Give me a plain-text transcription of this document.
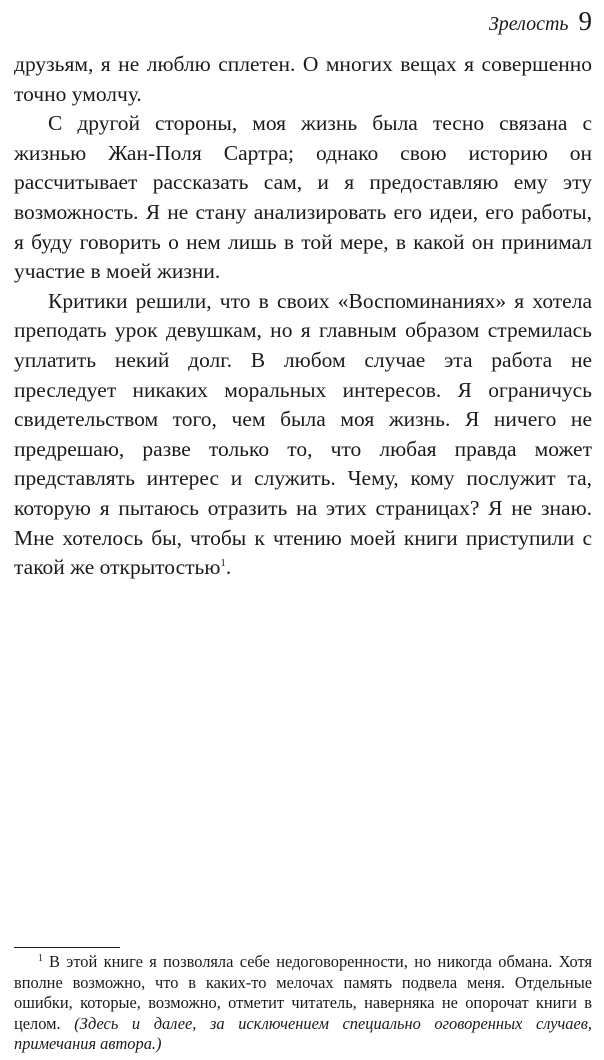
Зрелость 9

друзьям, я не люблю сплетен. О многих вещах я совершенно точно умолчу.

С другой стороны, моя жизнь была тесно связана с жизнью Жан-Поля Сартра; однако свою историю он рассчитывает рассказать сам, и я предоставляю ему эту возможность. Я не стану анализировать его идеи, его работы, я буду говорить о нем лишь в той мере, в какой он принимал участие в моей жизни.

Критики решили, что в своих «Воспоминаниях» я хотела преподать урок девушкам, но я главным образом стремилась уплатить некий долг. В любом случае эта работа не преследует никаких моральных интересов. Я ограничусь свидетельством того, чем была моя жизнь. Я ничего не предрешаю, разве только то, что любая правда может представлять интерес и служить. Чему, кому послужит та, которую я пытаюсь отразить на этих страницах? Я не знаю. Мне хотелось бы, чтобы к чтению моей книги приступили с такой же открытостью$^1$.

$^1$ В этой книге я позволяла себе недоговоренности, но никогда обмана. Хотя вполне возможно, что в каких-то мелочах память подвела меня. Отдельные ошибки, которые, возможно, отметит читатель, наверняка не опорочат книги в целом. (Здесь и далее, за исключением специально оговоренных случаев, примечания автора.)
